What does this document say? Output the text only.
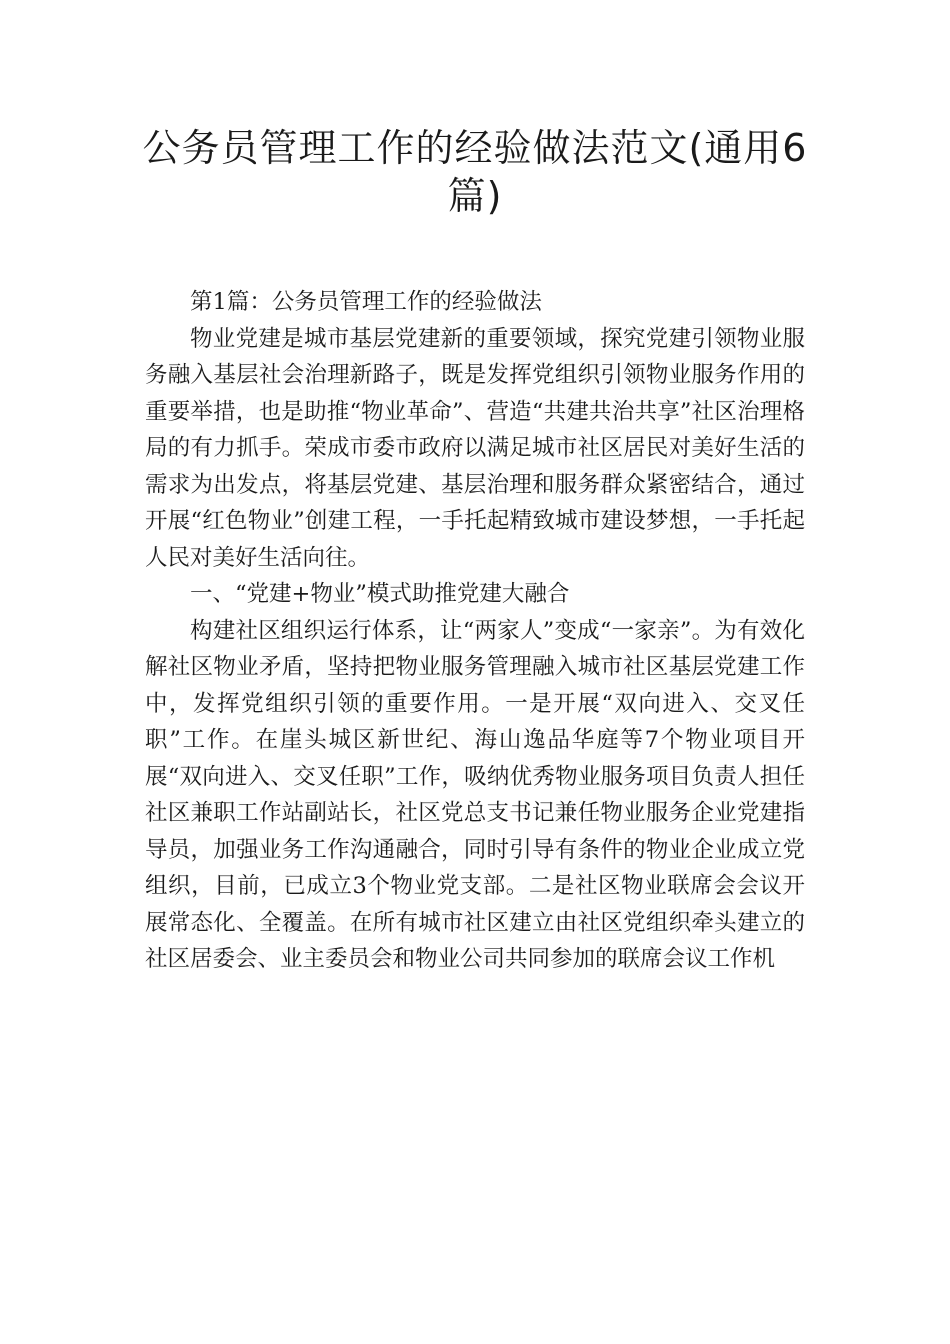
公务员管理工作的经验做法范文(通用6篇)

第1篇：公务员管理工作的经验做法

物业党建是城市基层党建新的重要领域，探究党建引领物业服务融入基层社会治理新路子，既是发挥党组织引领物业服务作用的重要举措，也是助推“物业革命”、营造“共建共治共享”社区治理格局的有力抓手。荣成市委市政府以满足城市社区居民对美好生活的需求为出发点，将基层党建、基层治理和服务群众紧密结合，通过开展“红色物业”创建工程，一手托起精致城市建设梦想，一手托起人民对美好生活向往。

一、“党建+物业”模式助推党建大融合

构建社区组织运行体系，让“两家人”变成“一家亲”。为有效化解社区物业矛盾，坚持把物业服务管理融入城市社区基层党建工作中，发挥党组织引领的重要作用。一是开展“双向进入、交叉任职”工作。在崖头城区新世纪、海山逸品华庭等7个物业项目开展“双向进入、交叉任职”工作，吸纳优秀物业服务项目负责人担任社区兼职工作站副站长，社区党总支书记兼任物业服务企业党建指导员，加强业务工作沟通融合，同时引导有条件的物业企业成立党组织，目前，已成立3个物业党支部。二是社区物业联席会会议开展常态化、全覆盖。在所有城市社区建立由社区党组织牵头建立的社区居委会、业主委员会和物业公司共同参加的联席会议工作机
